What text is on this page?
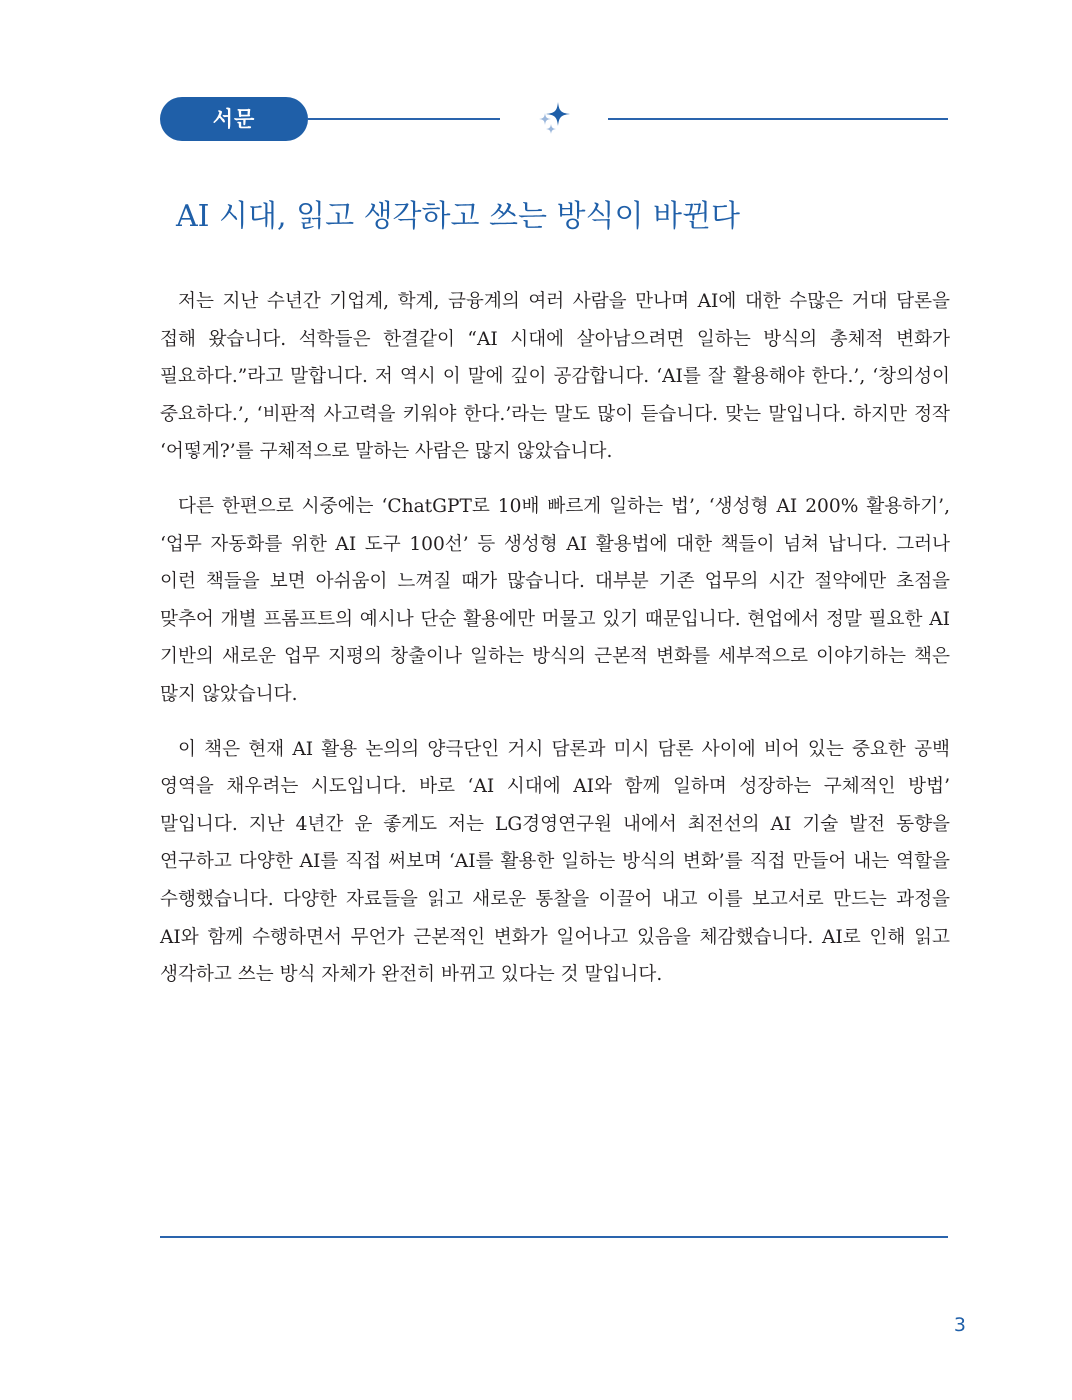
서문
AI 시대, 읽고 생각하고 쓰는 방식이 바뀐다

저는 지난 수년간 기업계, 학계, 금융계의 여러 사람을 만나며 AI에 대한 수많은 거대 담론을 접해 왔습니다. 석학들은 한결같이 “AI 시대에 살아남으려면 일하는 방식의 총체적 변화가 필요하다.”라고 말합니다. 저 역시 이 말에 깊이 공감합니다. ‘AI를 잘 활용해야 한다.’, ‘창의성이 중요하다.’, ‘비판적 사고력을 키워야 한다.’라는 말도 많이 듣습니다. 맞는 말입니다. 하지만 정작 ‘어떻게?’를 구체적으로 말하는 사람은 많지 않았습니다.

다른 한편으로 시중에는 ‘ChatGPT로 10배 빠르게 일하는 법’, ‘생성형 AI 200% 활용하기’, ‘업무 자동화를 위한 AI 도구 100선’ 등 생성형 AI 활용법에 대한 책들이 넘쳐 납니다. 그러나 이런 책들을 보면 아쉬움이 느껴질 때가 많습니다. 대부분 기존 업무의 시간 절약에만 초점을 맞추어 개별 프롬프트의 예시나 단순 활용에만 머물고 있기 때문입니다. 현업에서 정말 필요한 AI 기반의 새로운 업무 지평의 창출이나 일하는 방식의 근본적 변화를 세부적으로 이야기하는 책은 많지 않았습니다.

이 책은 현재 AI 활용 논의의 양극단인 거시 담론과 미시 담론 사이에 비어 있는 중요한 공백 영역을 채우려는 시도입니다. 바로 ‘AI 시대에 AI와 함께 일하며 성장하는 구체적인 방법’ 말입니다. 지난 4년간 운 좋게도 저는 LG경영연구원 내에서 최전선의 AI 기술 발전 동향을 연구하고 다양한 AI를 직접 써보며 ‘AI를 활용한 일하는 방식의 변화’를 직접 만들어 내는 역할을 수행했습니다. 다양한 자료들을 읽고 새로운 통찰을 이끌어 내고 이를 보고서로 만드는 과정을 AI와 함께 수행하면서 무언가 근본적인 변화가 일어나고 있음을 체감했습니다. AI로 인해 읽고 생각하고 쓰는 방식 자체가 완전히 바뀌고 있다는 것 말입니다.

3
